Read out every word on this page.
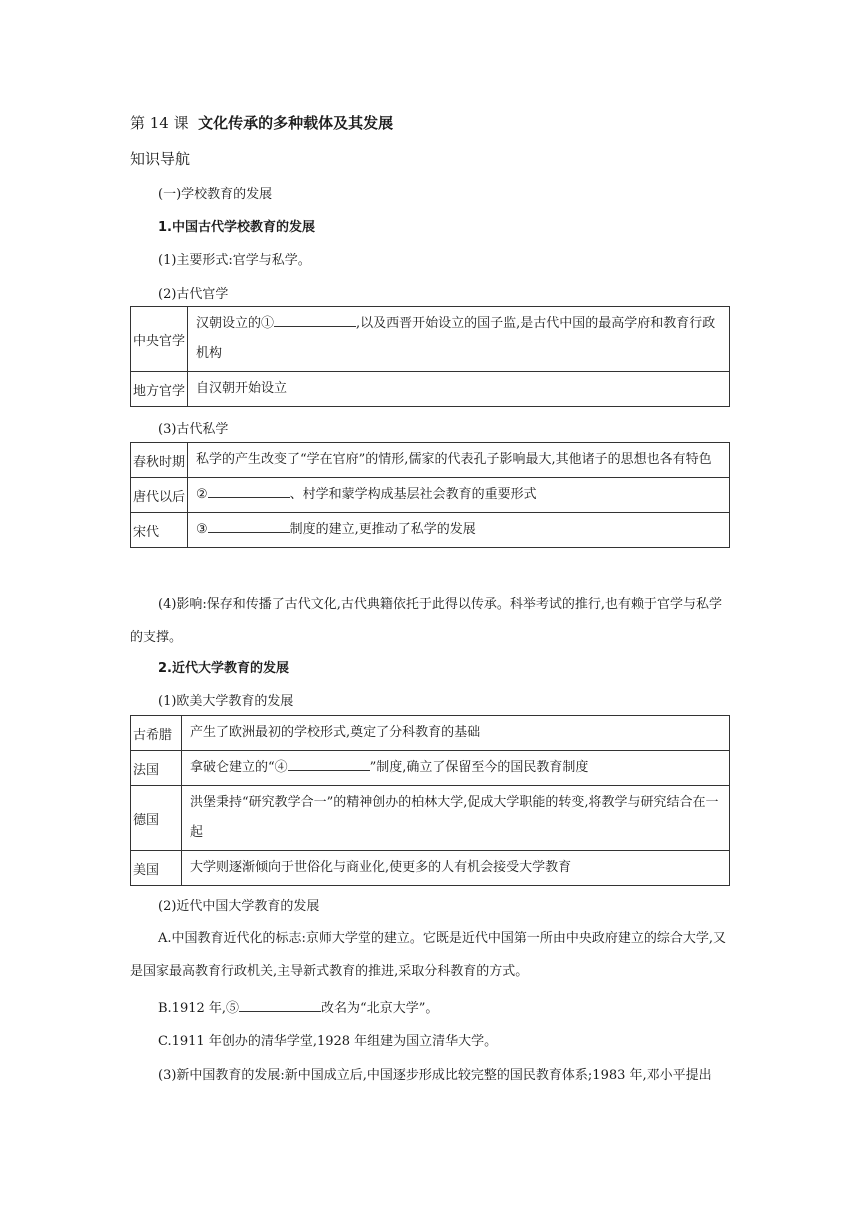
第 14 课 文化传承的多种载体及其发展
知识导航
(一)学校教育的发展
1.中国古代学校教育的发展
(1)主要形式:官学与私学。
(2)古代官学
中央官学	汉朝设立的① ,以及西晋开始设立的国子监,是古代中国的最高学府和教育行政机构
地方官学	自汉朝开始设立
(3)古代私学
春秋时期	私学的产生改变了“学在官府”的情形,儒家的代表孔子影响最大,其他诸子的思想也各有特色
唐代以后	② 、村学和蒙学构成基层社会教育的重要形式
宋代	③ 制度的建立,更推动了私学的发展
(4)影响:保存和传播了古代文化,古代典籍依托于此得以传承。科举考试的推行,也有赖于官学与私学的支撑。
2.近代大学教育的发展
(1)欧美大学教育的发展
古希腊	产生了欧洲最初的学校形式,奠定了分科教育的基础
法国	拿破仑建立的“④ ”制度,确立了保留至今的国民教育制度
德国	洪堡秉持“研究教学合一”的精神创办的柏林大学,促成大学职能的转变,将教学与研究结合在一起
美国	大学则逐渐倾向于世俗化与商业化,使更多的人有机会接受大学教育
(2)近代中国大学教育的发展
A.中国教育近代化的标志:京师大学堂的建立。它既是近代中国第一所由中央政府建立的综合大学,又是国家最高教育行政机关,主导新式教育的推进,采取分科教育的方式。
B.1912 年,⑤	改名为“北京大学”。
C.1911 年创办的清华学堂,1928 年组建为国立清华大学。
(3)新中国教育的发展:新中国成立后,中国逐步形成比较完整的国民教育体系;1983 年,邓小平提出
